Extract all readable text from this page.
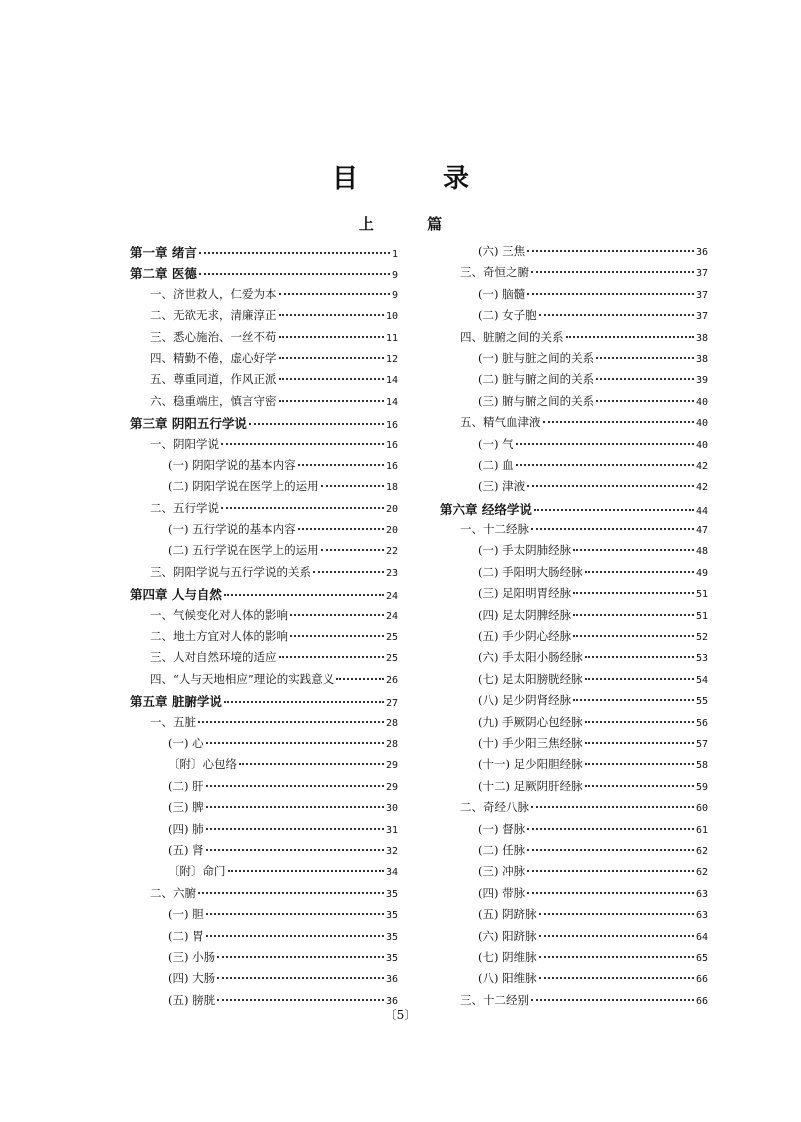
目 录
上 篇
第一章 绪言	1
第二章 医德	9
一、济世救人，仁爱为本	9
二、无欲无求，清廉淳正	10
三、悉心施治、一丝不苟	11
四、精勤不倦，虚心好学	12
五、尊重同道，作风正派	14
六、稳重端庄，慎言守密	14
第三章 阴阳五行学说	16
一、阴阳学说	16
(一) 阴阳学说的基本内容	16
(二) 阴阳学说在医学上的运用	18
二、五行学说	20
(一) 五行学说的基本内容	20
(二) 五行学说在医学上的运用	22
三、阴阳学说与五行学说的关系	23
第四章 人与自然	24
一、气候变化对人体的影响	24
二、地土方宜对人体的影响	25
三、人对自然环境的适应	25
四、“人与天地相应”理论的实践意义	26
第五章 脏腑学说	27
一、五脏	28
(一) 心	28
〔附〕心包络	29
(二) 肝	29
(三) 脾	30
(四) 肺	31
(五) 肾	32
〔附〕命门	34
二、六腑	35
(一) 胆	35
(二) 胃	35
(三) 小肠	35
(四) 大肠	36
(五) 膀胱	36
(六) 三焦	36
三、奇恒之腑	37
(一) 脑髓	37
(二) 女子胞	37
四、脏腑之间的关系	38
(一) 脏与脏之间的关系	38
(二) 脏与腑之间的关系	39
(三) 腑与腑之间的关系	40
五、精气血津液	40
(一) 气	40
(二) 血	42
(三) 津液	42
第六章 经络学说	44
一、十二经脉	47
(一) 手太阴肺经脉	48
(二) 手阳明大肠经脉	49
(三) 足阳明胃经脉	51
(四) 足太阴脾经脉	51
(五) 手少阴心经脉	52
(六) 手太阳小肠经脉	53
(七) 足太阳膀胱经脉	54
(八) 足少阴肾经脉	55
(九) 手厥阴心包经脉	56
(十) 手少阳三焦经脉	57
(十一) 足少阳胆经脉	58
(十二) 足厥阴肝经脉	59
二、奇经八脉	60
(一) 督脉	61
(二) 任脉	62
(三) 冲脉	62
(四) 带脉	63
(五) 阴跻脉	63
(六) 阳跻脉	64
(七) 阴维脉	65
(八) 阳维脉	66
三、十二经别	66
〔5〕
